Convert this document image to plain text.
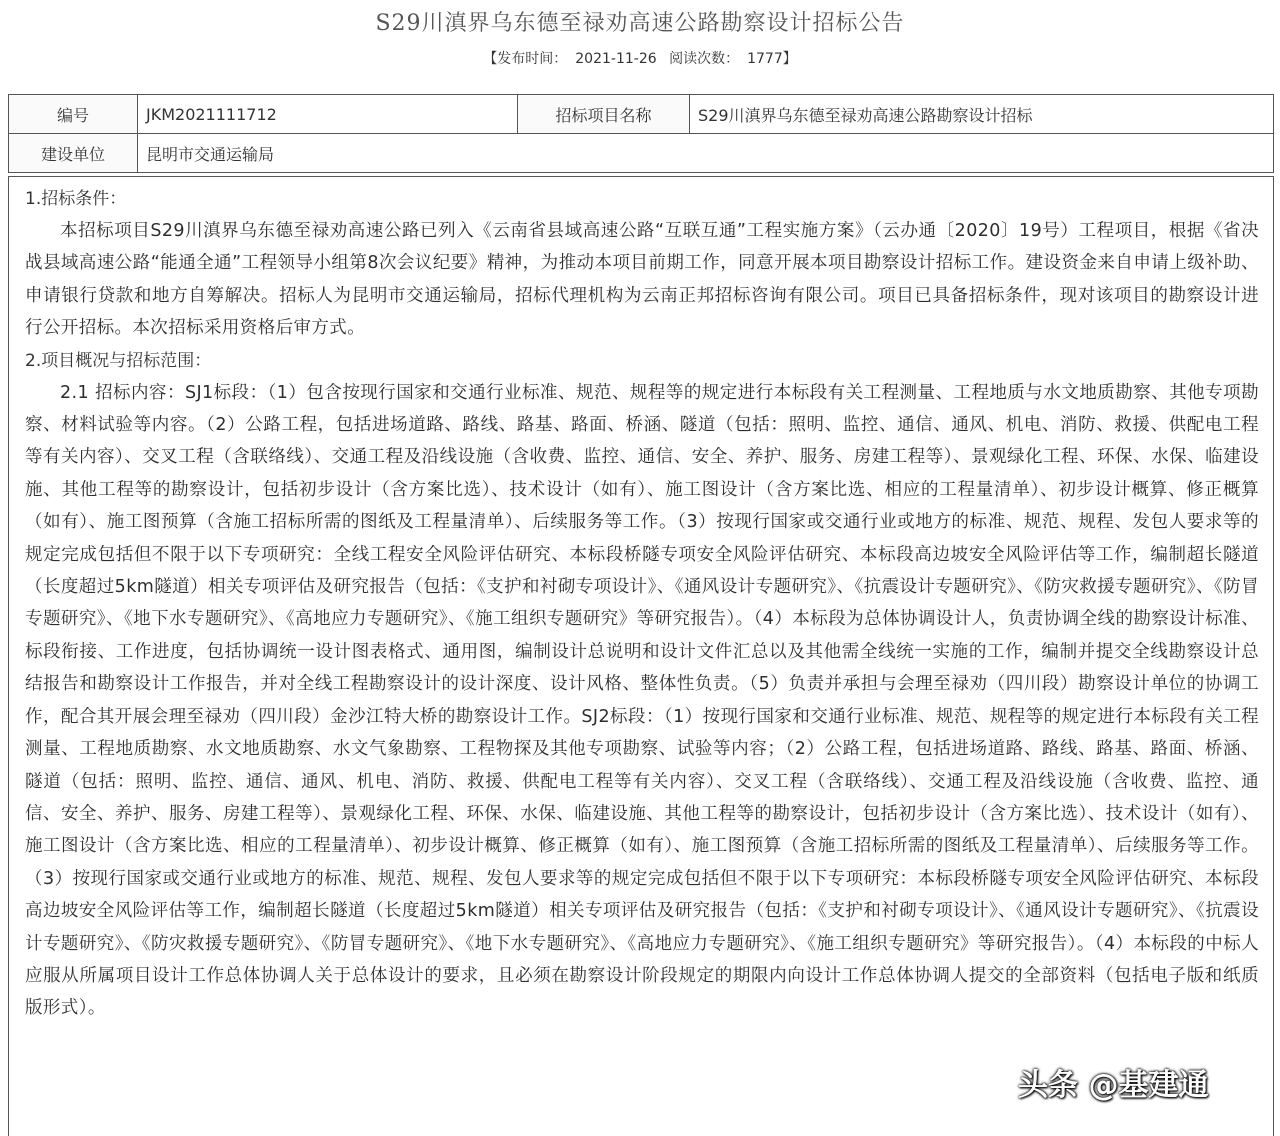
S29川滇界乌东德至禄劝高速公路勘察设计招标公告
【发布时间： 2021-11-26 阅读次数： 1777】
编号	JKM2021111712	招标项目名称	S29川滇界乌东德至禄劝高速公路勘察设计招标
建设单位	昆明市交通运输局		

1.招标条件：

本招标项目S29川滇界乌东德至禄劝高速公路已列入《云南省县域高速公路“互联互通”工程实施方案》（云办通〔2020〕19号）工程项目，根据《省决战县域高速公路“能通全通”工程领导小组第8次会议纪要》精神，为推动本项目前期工作，同意开展本项目勘察设计招标工作。建设资金来自申请上级补助、申请银行贷款和地方自筹解决。招标人为昆明市交通运输局，招标代理机构为云南正邦招标咨询有限公司。项目已具备招标条件，现对该项目的勘察设计进行公开招标。本次招标采用资格后审方式。

2.项目概况与招标范围：

2.1 招标内容：SJ1标段：（1）包含按现行国家和交通行业标准、规范、规程等的规定进行本标段有关工程测量、工程地质与水文地质勘察、其他专项勘察、材料试验等内容。（2）公路工程，包括进场道路、路线、路基、路面、桥涵、隧道（包括：照明、监控、通信、通风、机电、消防、救援、供配电工程等有关内容）、交叉工程（含联络线）、交通工程及沿线设施（含收费、监控、通信、安全、养护、服务、房建工程等）、景观绿化工程、环保、水保、临建设施、其他工程等的勘察设计，包括初步设计（含方案比选）、技术设计（如有）、施工图设计（含方案比选、相应的工程量清单）、初步设计概算、修正概算（如有）、施工图预算（含施工招标所需的图纸及工程量清单）、后续服务等工作。（3）按现行国家或交通行业或地方的标准、规范、规程、发包人要求等的规定完成包括但不限于以下专项研究：全线工程安全风险评估研究、本标段桥隧专项安全风险评估研究、本标段高边坡安全风险评估等工作，编制超长隧道（长度超过5km隧道）相关专项评估及研究报告（包括：《支护和衬砌专项设计》、《通风设计专题研究》、《抗震设计专题研究》、《防灾救援专题研究》、《防冒专题研究》、《地下水专题研究》、《高地应力专题研究》、《施工组织专题研究》等研究报告）。（4）本标段为总体协调设计人，负责协调全线的勘察设计标准、标段衔接、工作进度，包括协调统一设计图表格式、通用图，编制设计总说明和设计文件汇总以及其他需全线统一实施的工作，编制并提交全线勘察设计总结报告和勘察设计工作报告，并对全线工程勘察设计的设计深度、设计风格、整体性负责。（5）负责并承担与会理至禄劝（四川段）勘察设计单位的协调工作，配合其开展会理至禄劝（四川段）金沙江特大桥的勘察设计工作。SJ2标段：（1）按现行国家和交通行业标准、规范、规程等的规定进行本标段有关工程测量、工程地质勘察、水文地质勘察、水文气象勘察、工程物探及其他专项勘察、试验等内容；（2）公路工程，包括进场道路、路线、路基、路面、桥涵、隧道（包括：照明、监控、通信、通风、机电、消防、救援、供配电工程等有关内容）、交叉工程（含联络线）、交通工程及沿线设施（含收费、监控、通信、安全、养护、服务、房建工程等）、景观绿化工程、环保、水保、临建设施、其他工程等的勘察设计，包括初步设计（含方案比选）、技术设计（如有）、施工图设计（含方案比选、相应的工程量清单）、初步设计概算、修正概算（如有）、施工图预算（含施工招标所需的图纸及工程量清单）、后续服务等工作。（3）按现行国家或交通行业或地方的标准、规范、规程、发包人要求等的规定完成包括但不限于以下专项研究：本标段桥隧专项安全风险评估研究、本标段高边坡安全风险评估等工作，编制超长隧道（长度超过5km隧道）相关专项评估及研究报告（包括：《支护和衬砌专项设计》、《通风设计专题研究》、《抗震设计专题研究》、《防灾救援专题研究》、《防冒专题研究》、《地下水专题研究》、《高地应力专题研究》、《施工组织专题研究》等研究报告）。（4）本标段的中标人应服从所属项目设计工作总体协调人关于总体设计的要求，且必须在勘察设计阶段规定的期限内向设计工作总体协调人提交的全部资料（包括电子版和纸质版形式）。

头条 @基建通
